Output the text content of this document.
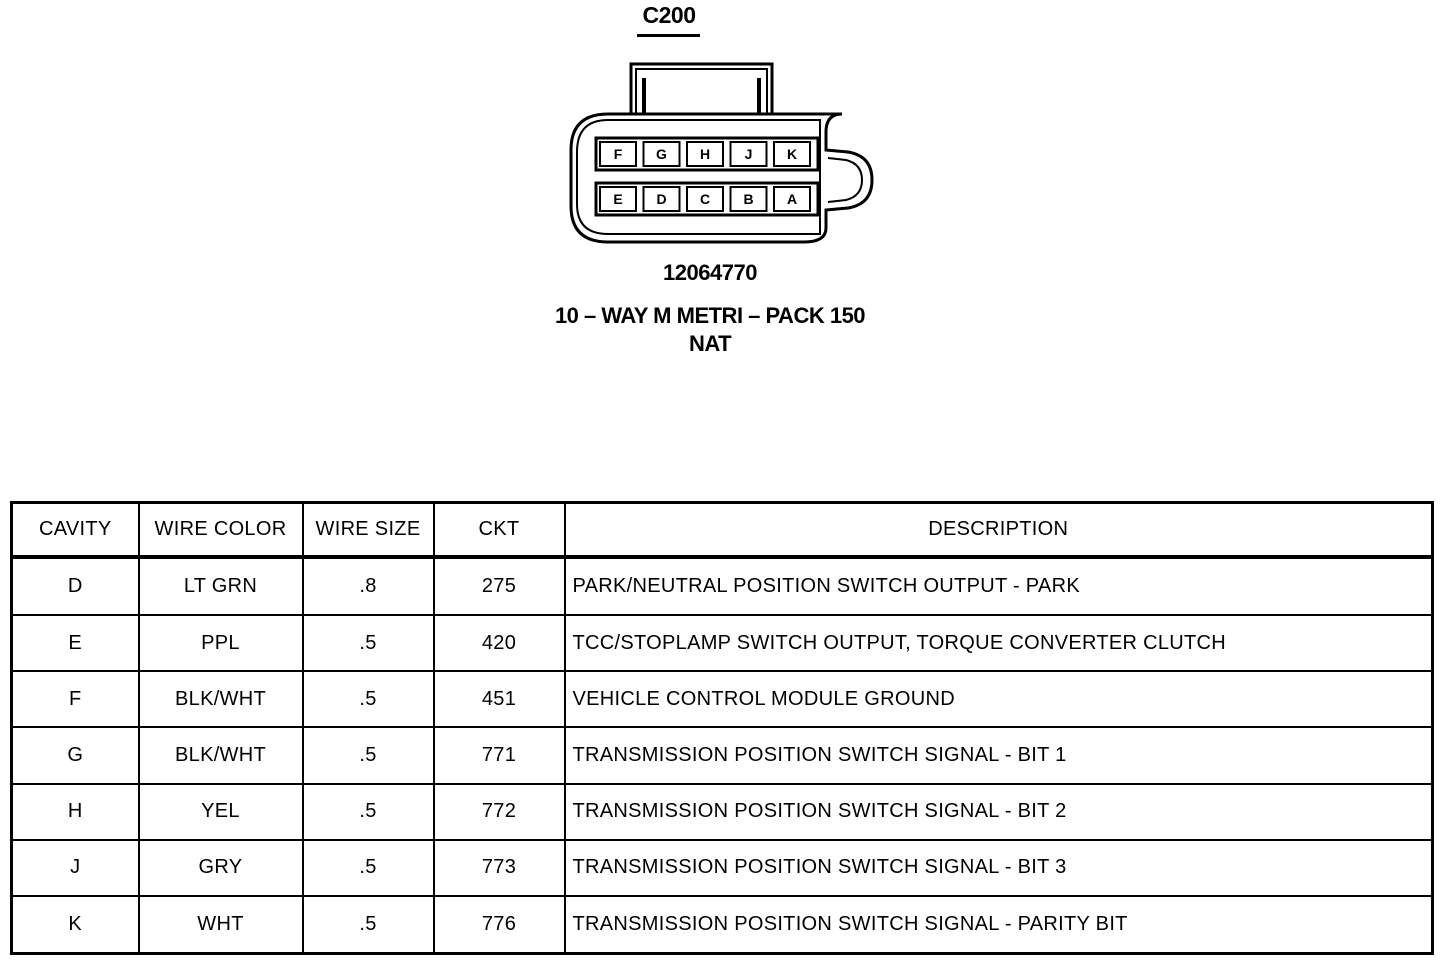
C200
F G H J K
E D C B A
12064770
10 – WAY M METRI – PACK 150
NAT
CAVITY	WIRE COLOR	WIRE SIZE	CKT	DESCRIPTION
D	LT GRN	.8	275	PARK/NEUTRAL POSITION SWITCH OUTPUT - PARK
E	PPL	.5	420	TCC/STOPLAMP SWITCH OUTPUT, TORQUE CONVERTER CLUTCH
F	BLK/WHT	.5	451	VEHICLE CONTROL MODULE GROUND
G	BLK/WHT	.5	771	TRANSMISSION POSITION SWITCH SIGNAL - BIT 1
H	YEL	.5	772	TRANSMISSION POSITION SWITCH SIGNAL - BIT 2
J	GRY	.5	773	TRANSMISSION POSITION SWITCH SIGNAL - BIT 3
K	WHT	.5	776	TRANSMISSION POSITION SWITCH SIGNAL - PARITY BIT
